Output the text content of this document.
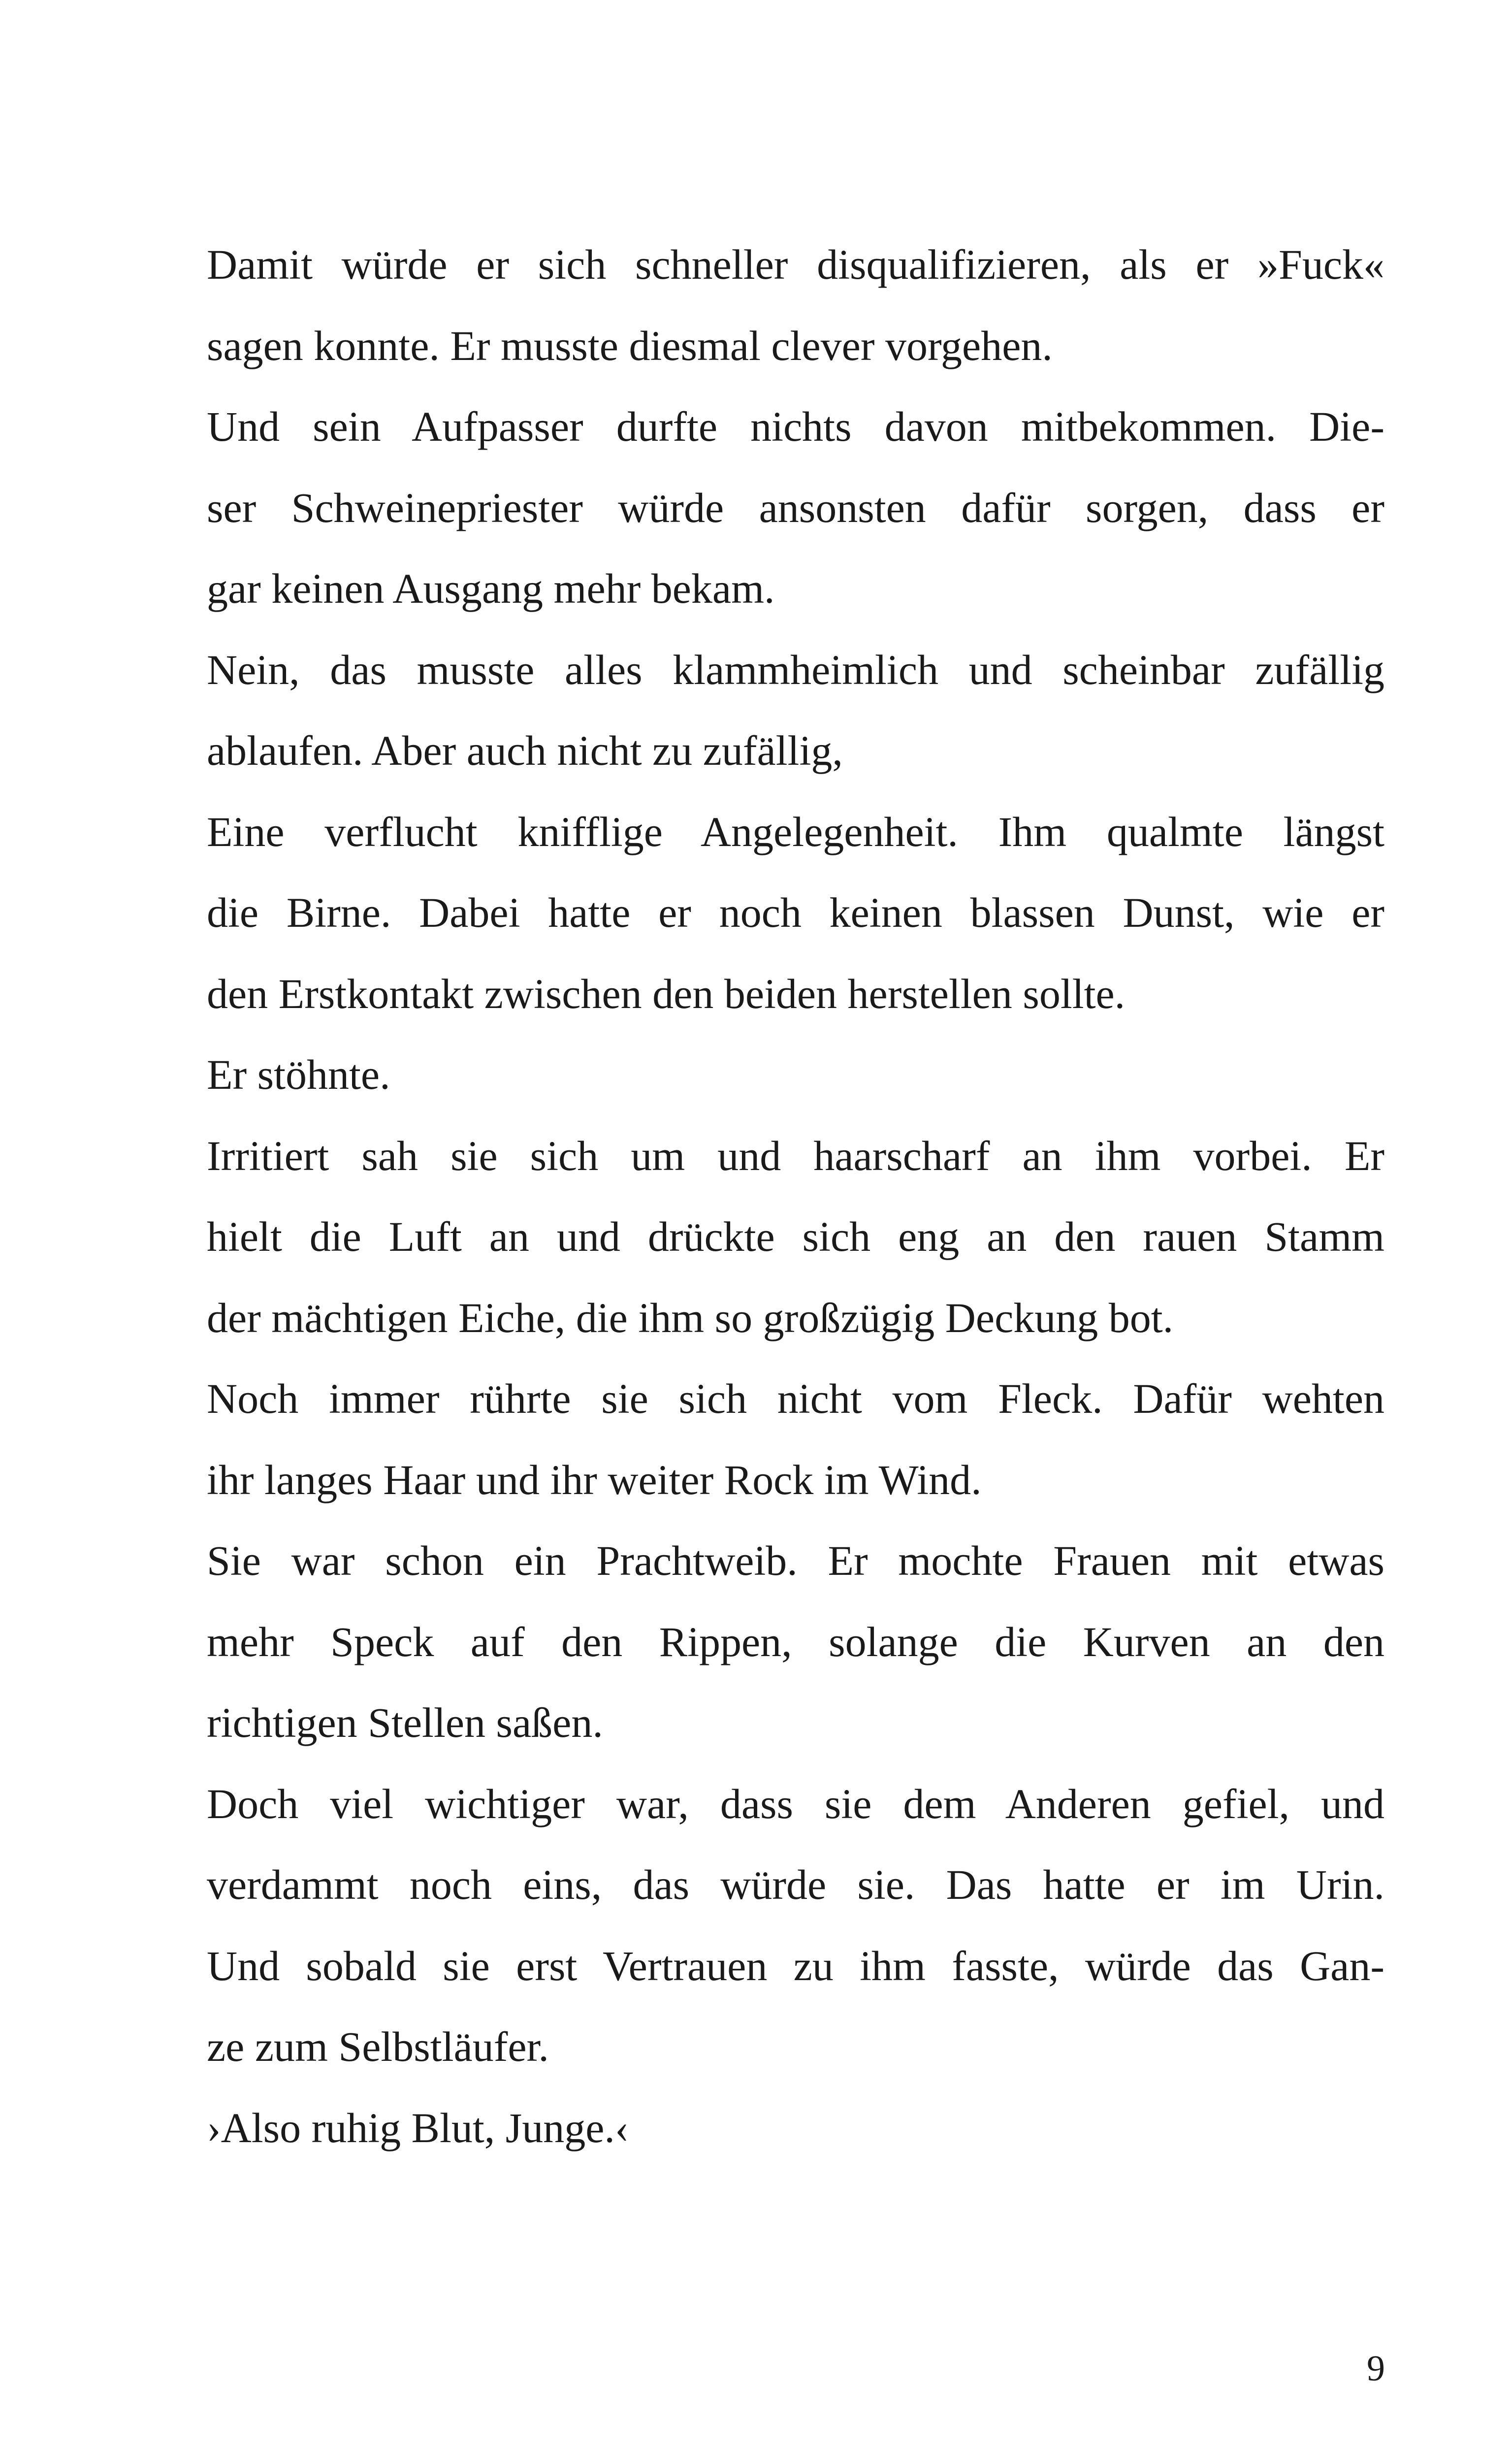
Damit würde er sich schneller disqualifizieren, als er »Fuck«
sagen konnte. Er musste diesmal clever vorgehen.
Und sein Aufpasser durfte nichts davon mitbekommen. Die-
ser Schweinepriester würde ansonsten dafür sorgen, dass er
gar keinen Ausgang mehr bekam.
Nein, das musste alles klammheimlich und scheinbar zufällig
ablaufen. Aber auch nicht zu zufällig,
Eine verflucht knifflige Angelegenheit. Ihm qualmte längst
die Birne. Dabei hatte er noch keinen blassen Dunst, wie er
den Erstkontakt zwischen den beiden herstellen sollte.
Er stöhnte.
Irritiert sah sie sich um und haarscharf an ihm vorbei. Er
hielt die Luft an und drückte sich eng an den rauen Stamm
der mächtigen Eiche, die ihm so großzügig Deckung bot.
Noch immer rührte sie sich nicht vom Fleck. Dafür wehten
ihr langes Haar und ihr weiter Rock im Wind.
Sie war schon ein Prachtweib. Er mochte Frauen mit etwas
mehr Speck auf den Rippen, solange die Kurven an den
richtigen Stellen saßen.
Doch viel wichtiger war, dass sie dem Anderen gefiel, und
verdammt noch eins, das würde sie. Das hatte er im Urin.
Und sobald sie erst Vertrauen zu ihm fasste, würde das Gan-
ze zum Selbstläufer.
›Also ruhig Blut, Junge.‹
9
